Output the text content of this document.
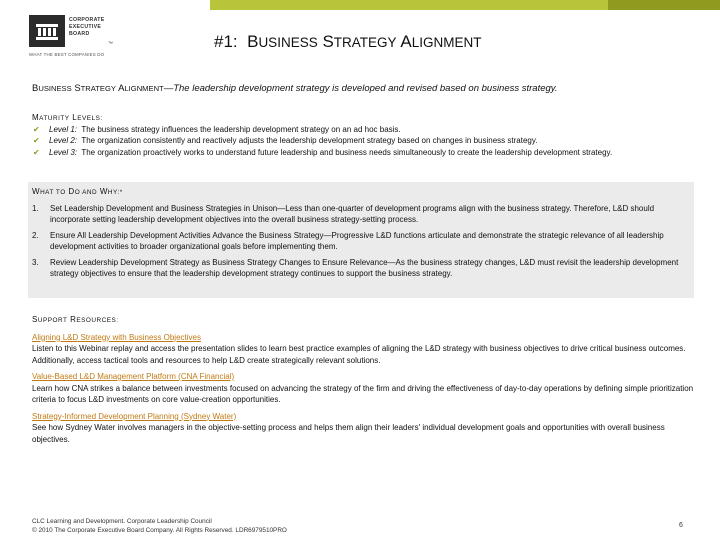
CORPORATE
EXECUTIVE
BOARD
™
WHAT THE BEST COMPANIES DO
#1: BUSINESS STRATEGY ALIGNMENT
BUSINESS STRATEGY ALIGNMENT—The leadership development strategy is developed and revised based on business strategy.
MATURITY LEVELS:
✔ Level 1: The business strategy influences the leadership development strategy on an ad hoc basis.
✔ Level 2: The organization consistently and reactively adjusts the leadership development strategy based on changes in business strategy.
✔ Level 3: The organization proactively works to understand future leadership and business needs simultaneously to create the leadership development strategy.
WHAT TO DO AND WHY:*
1. Set Leadership Development and Business Strategies in Unison—Less than one-quarter of development programs align with the business strategy. Therefore, L&D should incorporate setting leadership development objectives into the overall business strategy-setting process.
2. Ensure All Leadership Development Activities Advance the Business Strategy—Progressive L&D functions articulate and demonstrate the strategic relevance of all leadership development activities to broader organizational goals before implementing them.
3. Review Leadership Development Strategy as Business Strategy Changes to Ensure Relevance—As the business strategy changes, L&D must revisit the leadership development strategy objectives to ensure that the leadership development strategy continues to support the business strategy.
SUPPORT RESOURCES:
Aligning L&D Strategy with Business Objectives
Listen to this Webinar replay and access the presentation slides to learn best practice examples of aligning the L&D strategy with business objectives to drive critical business outcomes. Additionally, access tactical tools and resources to help L&D create strategically relevant solutions.
Value-Based L&D Management Platform (CNA Financial)
Learn how CNA strikes a balance between investments focused on advancing the strategy of the firm and driving the effectiveness of day-to-day operations by defining simple prioritization criteria to focus L&D investments on core value-creation opportunities.
Strategy-Informed Development Planning (Sydney Water)
See how Sydney Water involves managers in the objective-setting process and helps them align their leaders' individual development goals and opportunities with overall business objectives.
CLC Learning and Development. Corporate Leadership Council
© 2010 The Corporate Executive Board Company. All Rights Reserved. LDR6979510PRO
6
